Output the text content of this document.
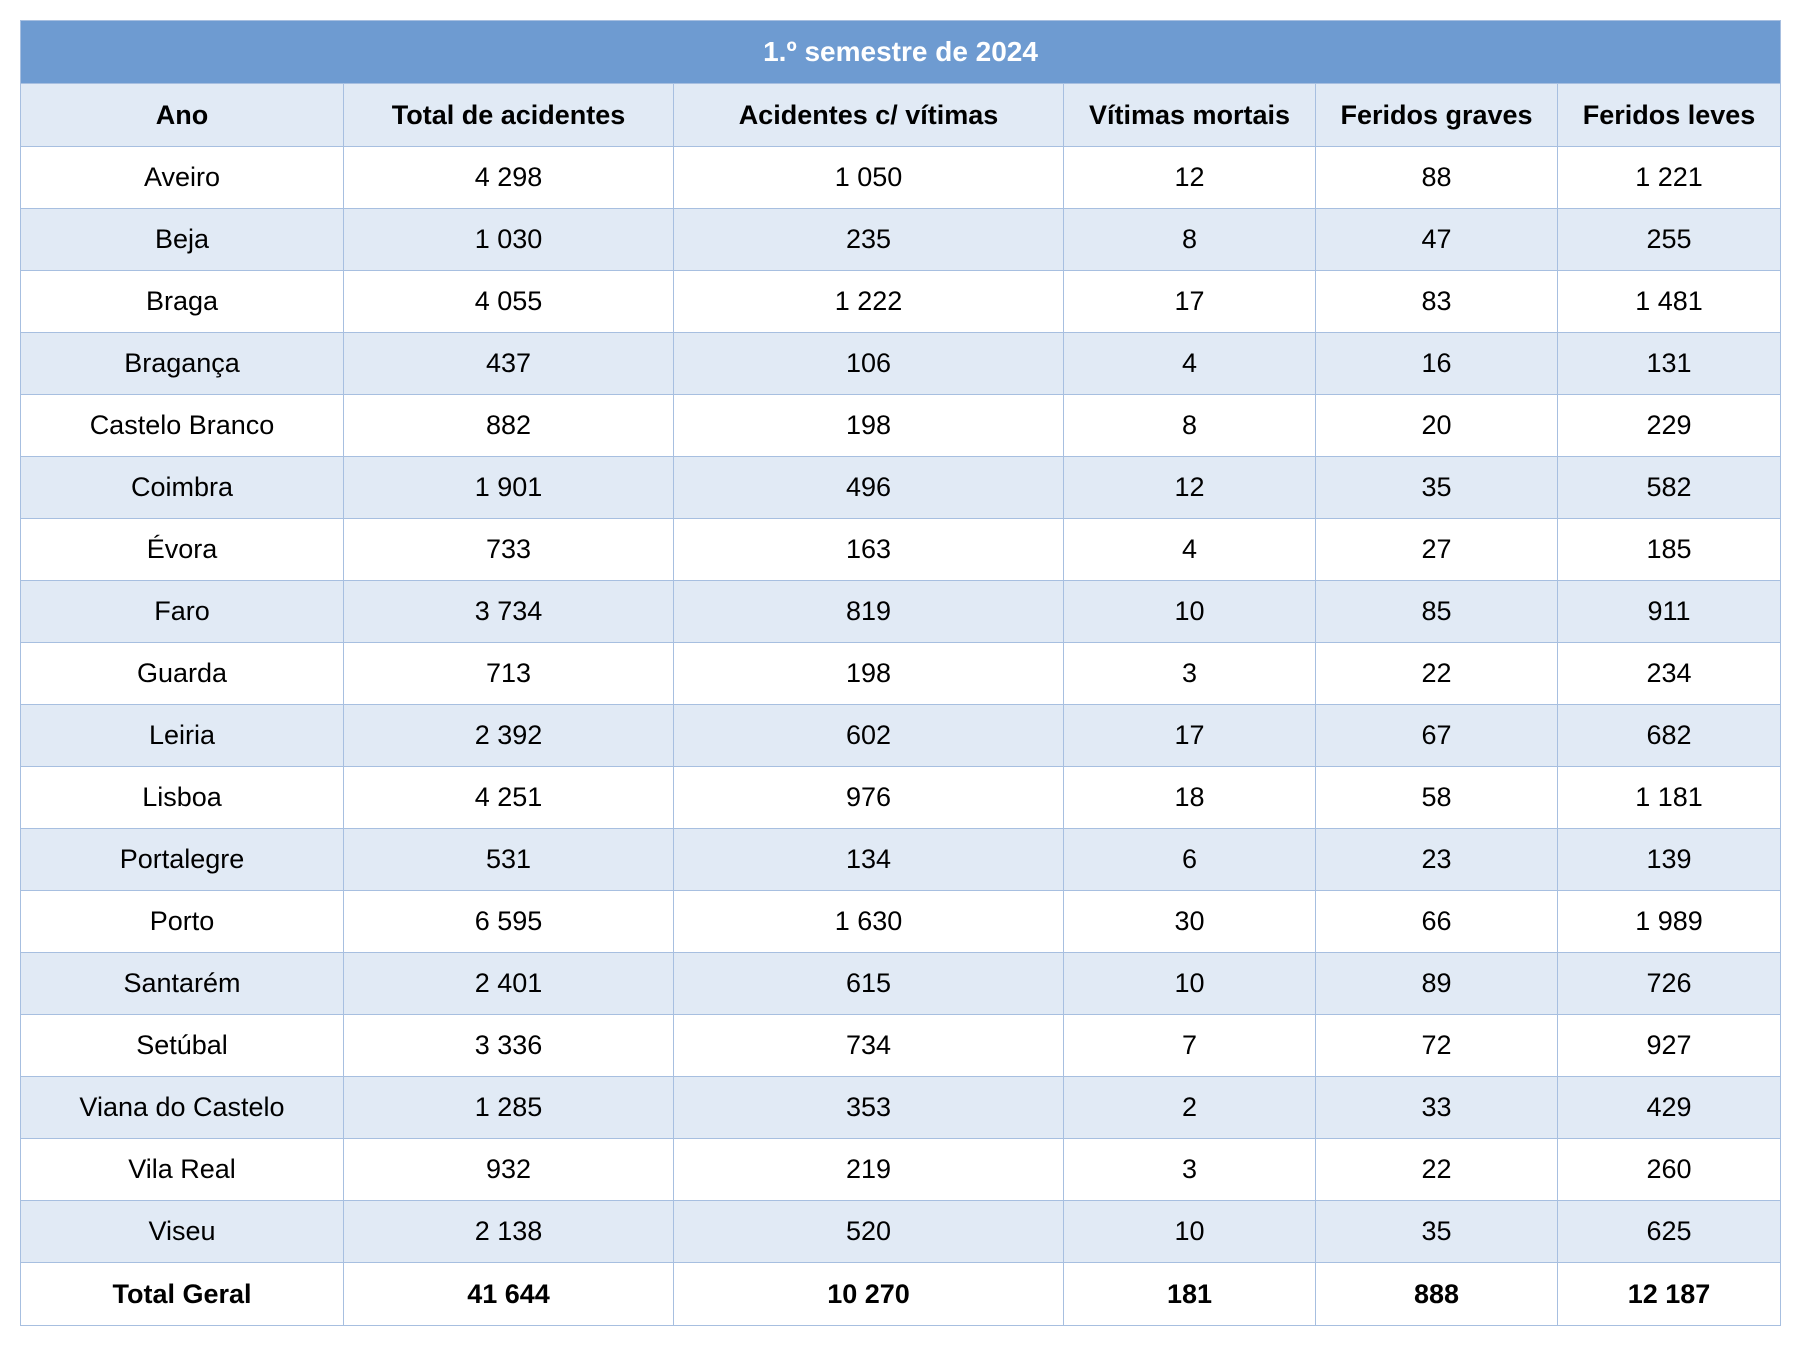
1.º semestre de 2024					
Ano	Total de acidentes	Acidentes c/ vítimas	Vítimas mortais	Feridos graves	Feridos leves
Aveiro	4 298	1 050	12	88	1 221
Beja	1 030	235	8	47	255
Braga	4 055	1 222	17	83	1 481
Bragança	437	106	4	16	131
Castelo Branco	882	198	8	20	229
Coimbra	1 901	496	12	35	582
Évora	733	163	4	27	185
Faro	3 734	819	10	85	911
Guarda	713	198	3	22	234
Leiria	2 392	602	17	67	682
Lisboa	4 251	976	18	58	1 181
Portalegre	531	134	6	23	139
Porto	6 595	1 630	30	66	1 989
Santarém	2 401	615	10	89	726
Setúbal	3 336	734	7	72	927
Viana do Castelo	1 285	353	2	33	429
Vila Real	932	219	3	22	260
Viseu	2 138	520	10	35	625
Total Geral	41 644	10 270	181	888	12 187
